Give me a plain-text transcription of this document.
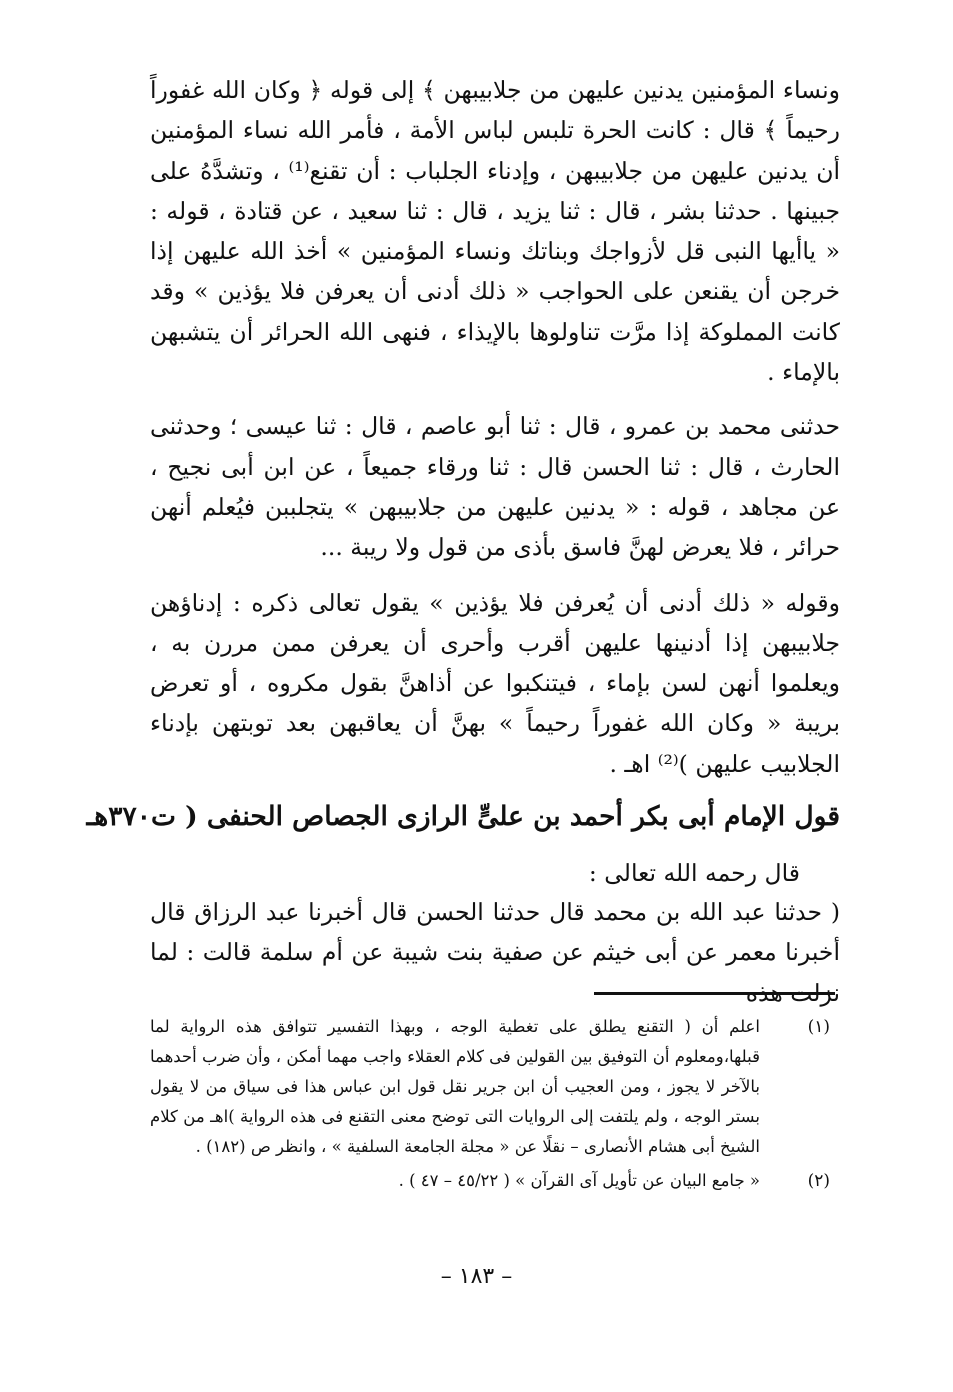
ونساء المؤمنين يدنين عليهن من جلابيبهن ﴾ إلى قوله ﴿ وكان الله غفوراً رحيماً ﴾ قال : كانت الحرة تلبس لباس الأمة ، فأمر الله نساء المؤمنين أن يدنين عليهن من جلابيبهن ، وإدناء الجلباب : أن تقنع⁽¹⁾ ، وتشدَّهُ على جبينها . حدثنا بشر ، قال : ثنا يزيد ، قال : ثنا سعيد ، عن قتادة ، قوله : « ياأيها النبى قل لأزواجك وبناتك ونساء المؤمنين » أخذ الله عليهن إذا خرجن أن يقنعن على الحواجب « ذلك أدنى أن يعرفن فلا يؤذين » وقد كانت المملوكة إذا مرَّت تناولوها بالإيذاء ، فنهى الله الحرائر أن يتشبهن بالإماء .

حدثنى محمد بن عمرو ، قال : ثنا أبو عاصم ، قال : ثنا عيسى ؛ وحدثنى الحارث ، قال : ثنا الحسن قال : ثنا ورقاء جميعاً ، عن ابن أبى نجيح ، عن مجاهد ، قوله : « يدنين عليهن من جلابيبهن » يتجلببن فيُعلم أنهن حرائر ، فلا يعرض لهنَّ فاسق بأذى من قول ولا ريبة ...

وقوله « ذلك أدنى أن يُعرفن فلا يؤذين » يقول تعالى ذكره : إدناؤهن جلابيبهن إذا أدنينها عليهن أقرب وأحرى أن يعرفن ممن مررن به ، ويعلموا أنهن لسن بإماء ، فيتنكبوا عن أذاهنَّ بقول مكروه ، أو تعرض بريبة « وكان الله غفوراً رحيماً » بهنَّ أن يعاقبهن بعد توبتهن بإدناء الجلابيب عليهن )⁽²⁾ اهـ .

قول الإمام أبى بكر أحمد بن علىٍّ الرازى الجصاص الحنفى ( ت٣٧٠هـ

قال رحمه الله تعالى :

( حدثنا عبد الله بن محمد قال حدثنا الحسن قال أخبرنا عبد الرزاق قال أخبرنا معمر عن أبى خيثم عن صفية بنت شيبة عن أم سلمة قالت : لما نزلت هذه

(١)
اعلم أن ( التقنع يطلق على تغطية الوجه ، وبهذا التفسير تتوافق هذه الرواية لما قبلها،ومعلوم أن التوفيق بين القولين فى كلام العقلاء واجب مهما أمكن ، وأن ضرب أحدهما بالآخر لا يجوز ، ومن العجيب أن ابن جرير نقل قول ابن عباس هذا فى سياق من لا يقول بستر الوجه ، ولم يلتفت إلى الروايات التى توضح معنى التقنع فى هذه الرواية )اهـ من كلام الشيخ أبى هشام الأنصارى – نقلًا عن « مجلة الجامعة السلفية » ، وانظر ص (١٨٢) .
(٢)
« جامع البيان عن تأويل آى القرآن » ( ٤٥/٢٢ – ٤٧ ) .
– ١٨٣ –
